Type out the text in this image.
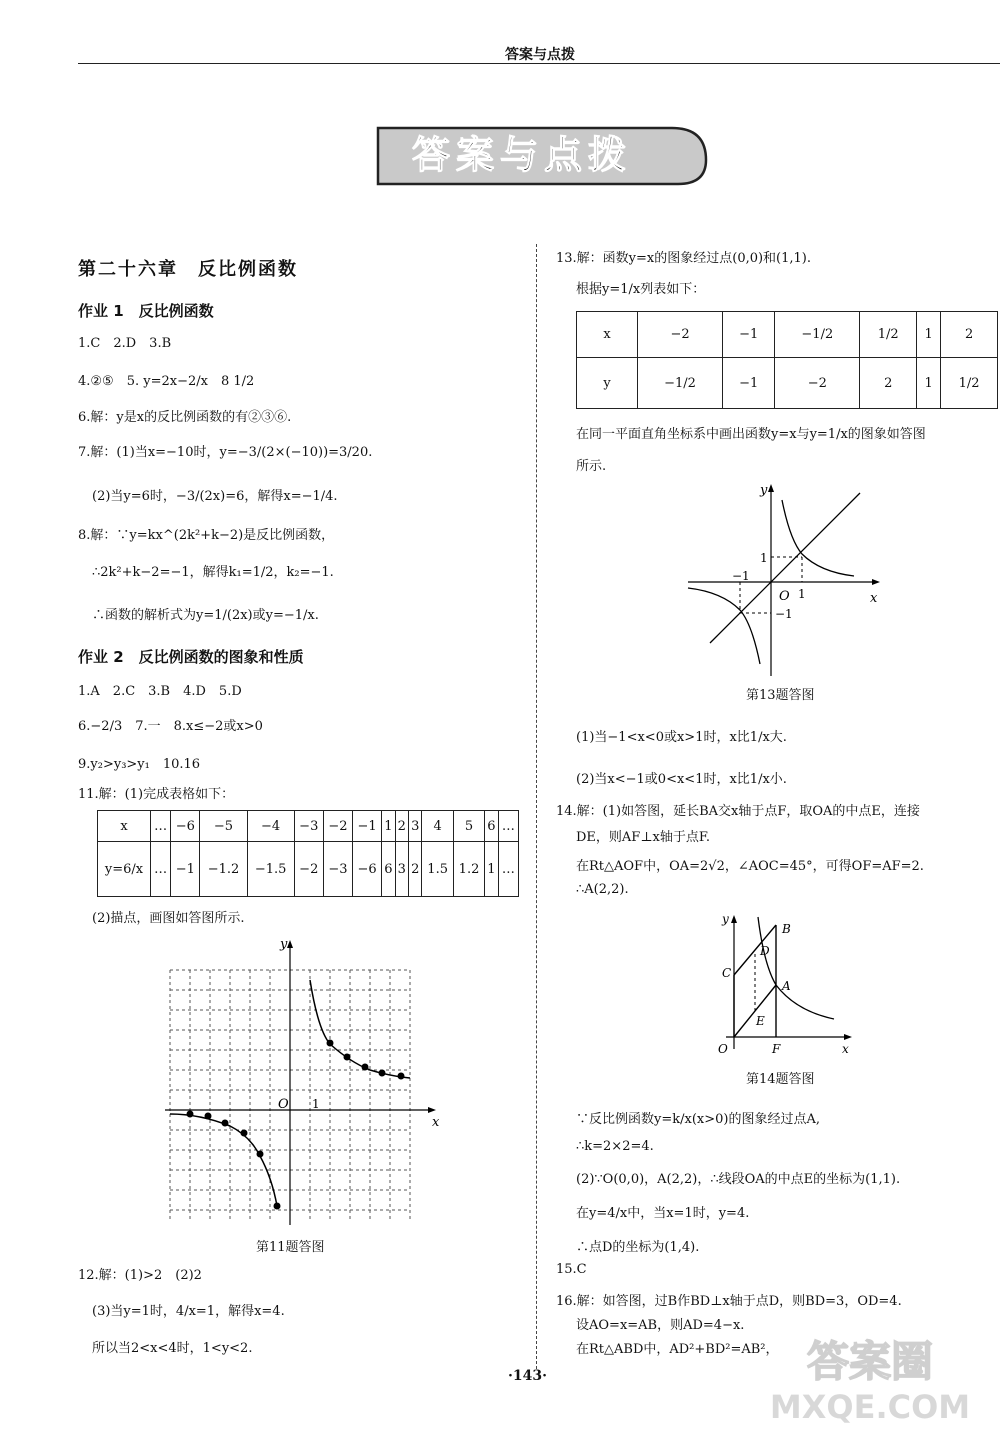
答案与点拨
答案与点拨
第二十六章　反比例函数
作业 1　反比例函数
1.C　2.D　3.B
4.②⑤　5. y=2x−2/x　8 1/2
6.解：y是x的反比例函数的有②③⑥.
7.解：(1)当x=−10时，y=−3/(2×(−10))=3/20.
(2)当y=6时，−3/(2x)=6，解得x=−1/4.
8.解：∵y=kx^(2k²+k−2)是反比例函数，
∴2k²+k−2=−1，解得k₁=1/2，k₂=−1.
∴函数的解析式为y=1/(2x)或y=−1/x.
作业 2　反比例函数的图象和性质
1.A　2.C　3.B　4.D　5.D
6.−2/3　7.一　8.x≤−2或x>0
9.y₂>y₃>y₁　10.16
11.解：(1)完成表格如下：
x	…	−6	−5	−4	−3	−2	−1	1	2	3	4	5	6	…
y=6/x	…	−1	−1.2	−1.5	−2	−3	−6	6	3	2	1.5	1.2	1	…
(2)描点，画图如答图所示.
y
x
O 1
第11题答图
12.解：(1)>2　(2)2
(3)当y=1时，4/x=1，解得x=4.
所以当2<x<4时，1<y<2.
13.解：函数y=x的图象经过点(0,0)和(1,1).
根据y=1/x列表如下：
x	−2	−1	−1/2	1/2	1	2
y	−1/2	−1	−2	2	1	1/2
在同一平面直角坐标系中画出函数y=x与y=1/x的图象如答图
所示.
y
x
O 1
1
−1
−1
第13题答图
(1)当−1<x<0或x>1时，x比1/x大.
(2)当x<−1或0<x<1时，x比1/x小.
14.解：(1)如答图，延长BA交x轴于点F，取OA的中点E，连接
DE，则AF⊥x轴于点F.
在Rt△AOF中，OA=2√2，∠AOC=45°，可得OF=AF=2.
∴A(2,2).
y
x
O
A
B
C
D
E
F
第14题答图
∵反比例函数y=k/x(x>0)的图象经过点A,
∴k=2×2=4.
(2)∵O(0,0)，A(2,2)，∴线段OA的中点E的坐标为(1,1).
在y=4/x中，当x=1时，y=4.
∴点D的坐标为(1,4).
15.C
16.解：如答图，过B作BD⊥x轴于点D，则BD=3，OD=4.
设AO=x=AB，则AD=4−x.
在Rt△ABD中，AD²+BD²=AB²，
·143·	答案圈
MXQE.COM
